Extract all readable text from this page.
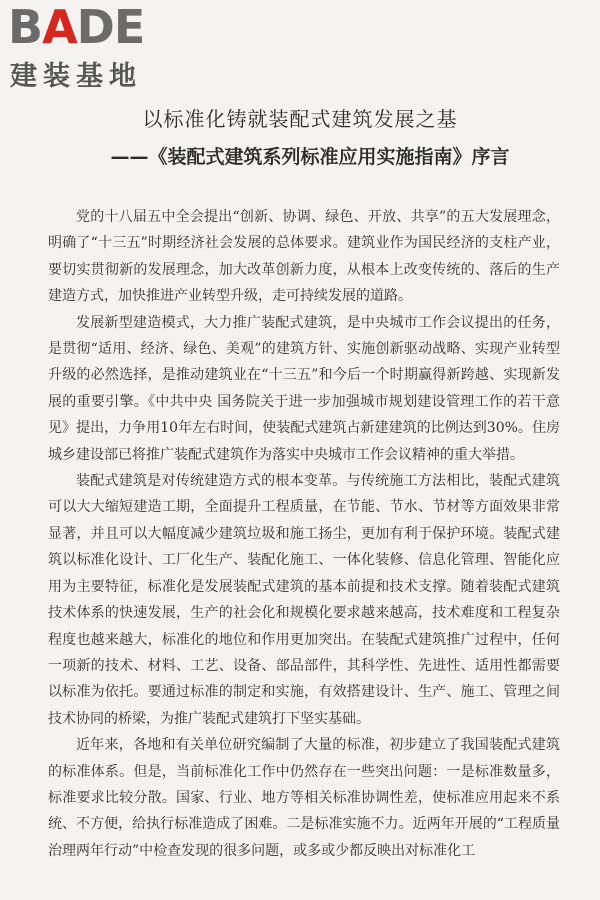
B A DE
建装基地
以标准化铸就装配式建筑发展之基
——《装配式建筑系列标准应用实施指南》序言

党的十八届五中全会提出“创新、协调、绿色、开放、共享”的五大发展理念，明确了“十三五”时期经济社会发展的总体要求。建筑业作为国民经济的支柱产业，要切实贯彻新的发展理念，加大改革创新力度，从根本上改变传统的、落后的生产建造方式，加快推进产业转型升级，走可持续发展的道路。

发展新型建造模式，大力推广装配式建筑，是中央城市工作会议提出的任务，是贯彻“适用、经济、绿色、美观”的建筑方针、实施创新驱动战略、实现产业转型升级的必然选择，是推动建筑业在“十三五”和今后一个时期赢得新跨越、实现新发展的重要引擎。《中共中央 国务院关于进一步加强城市规划建设管理工作的若干意见》提出，力争用10年左右时间，使装配式建筑占新建建筑的比例达到30%。住房城乡建设部已将推广装配式建筑作为落实中央城市工作会议精神的重大举措。

装配式建筑是对传统建造方式的根本变革。与传统施工方法相比，装配式建筑可以大大缩短建造工期，全面提升工程质量，在节能、节水、节材等方面效果非常显著，并且可以大幅度减少建筑垃圾和施工扬尘，更加有利于保护环境。装配式建筑以标准化设计、工厂化生产、装配化施工、一体化装修、信息化管理、智能化应用为主要特征，标准化是发展装配式建筑的基本前提和技术支撑。随着装配式建筑技术体系的快速发展，生产的社会化和规模化要求越来越高，技术难度和工程复杂程度也越来越大，标准化的地位和作用更加突出。在装配式建筑推广过程中，任何一项新的技术、材料、工艺、设备、部品部件，其科学性、先进性、适用性都需要以标准为依托。要通过标准的制定和实施，有效搭建设计、生产、施工、管理之间技术协同的桥梁，为推广装配式建筑打下坚实基础。

近年来，各地和有关单位研究编制了大量的标准，初步建立了我国装配式建筑的标准体系。但是，当前标准化工作中仍然存在一些突出问题：一是标准数量多，标准要求比较分散。国家、行业、地方等相关标准协调性差，使标准应用起来不系统、不方便，给执行标准造成了困难。二是标准实施不力。近两年开展的“工程质量治理两年行动”中检查发现的很多问题，或多或少都反映出对标准化工
